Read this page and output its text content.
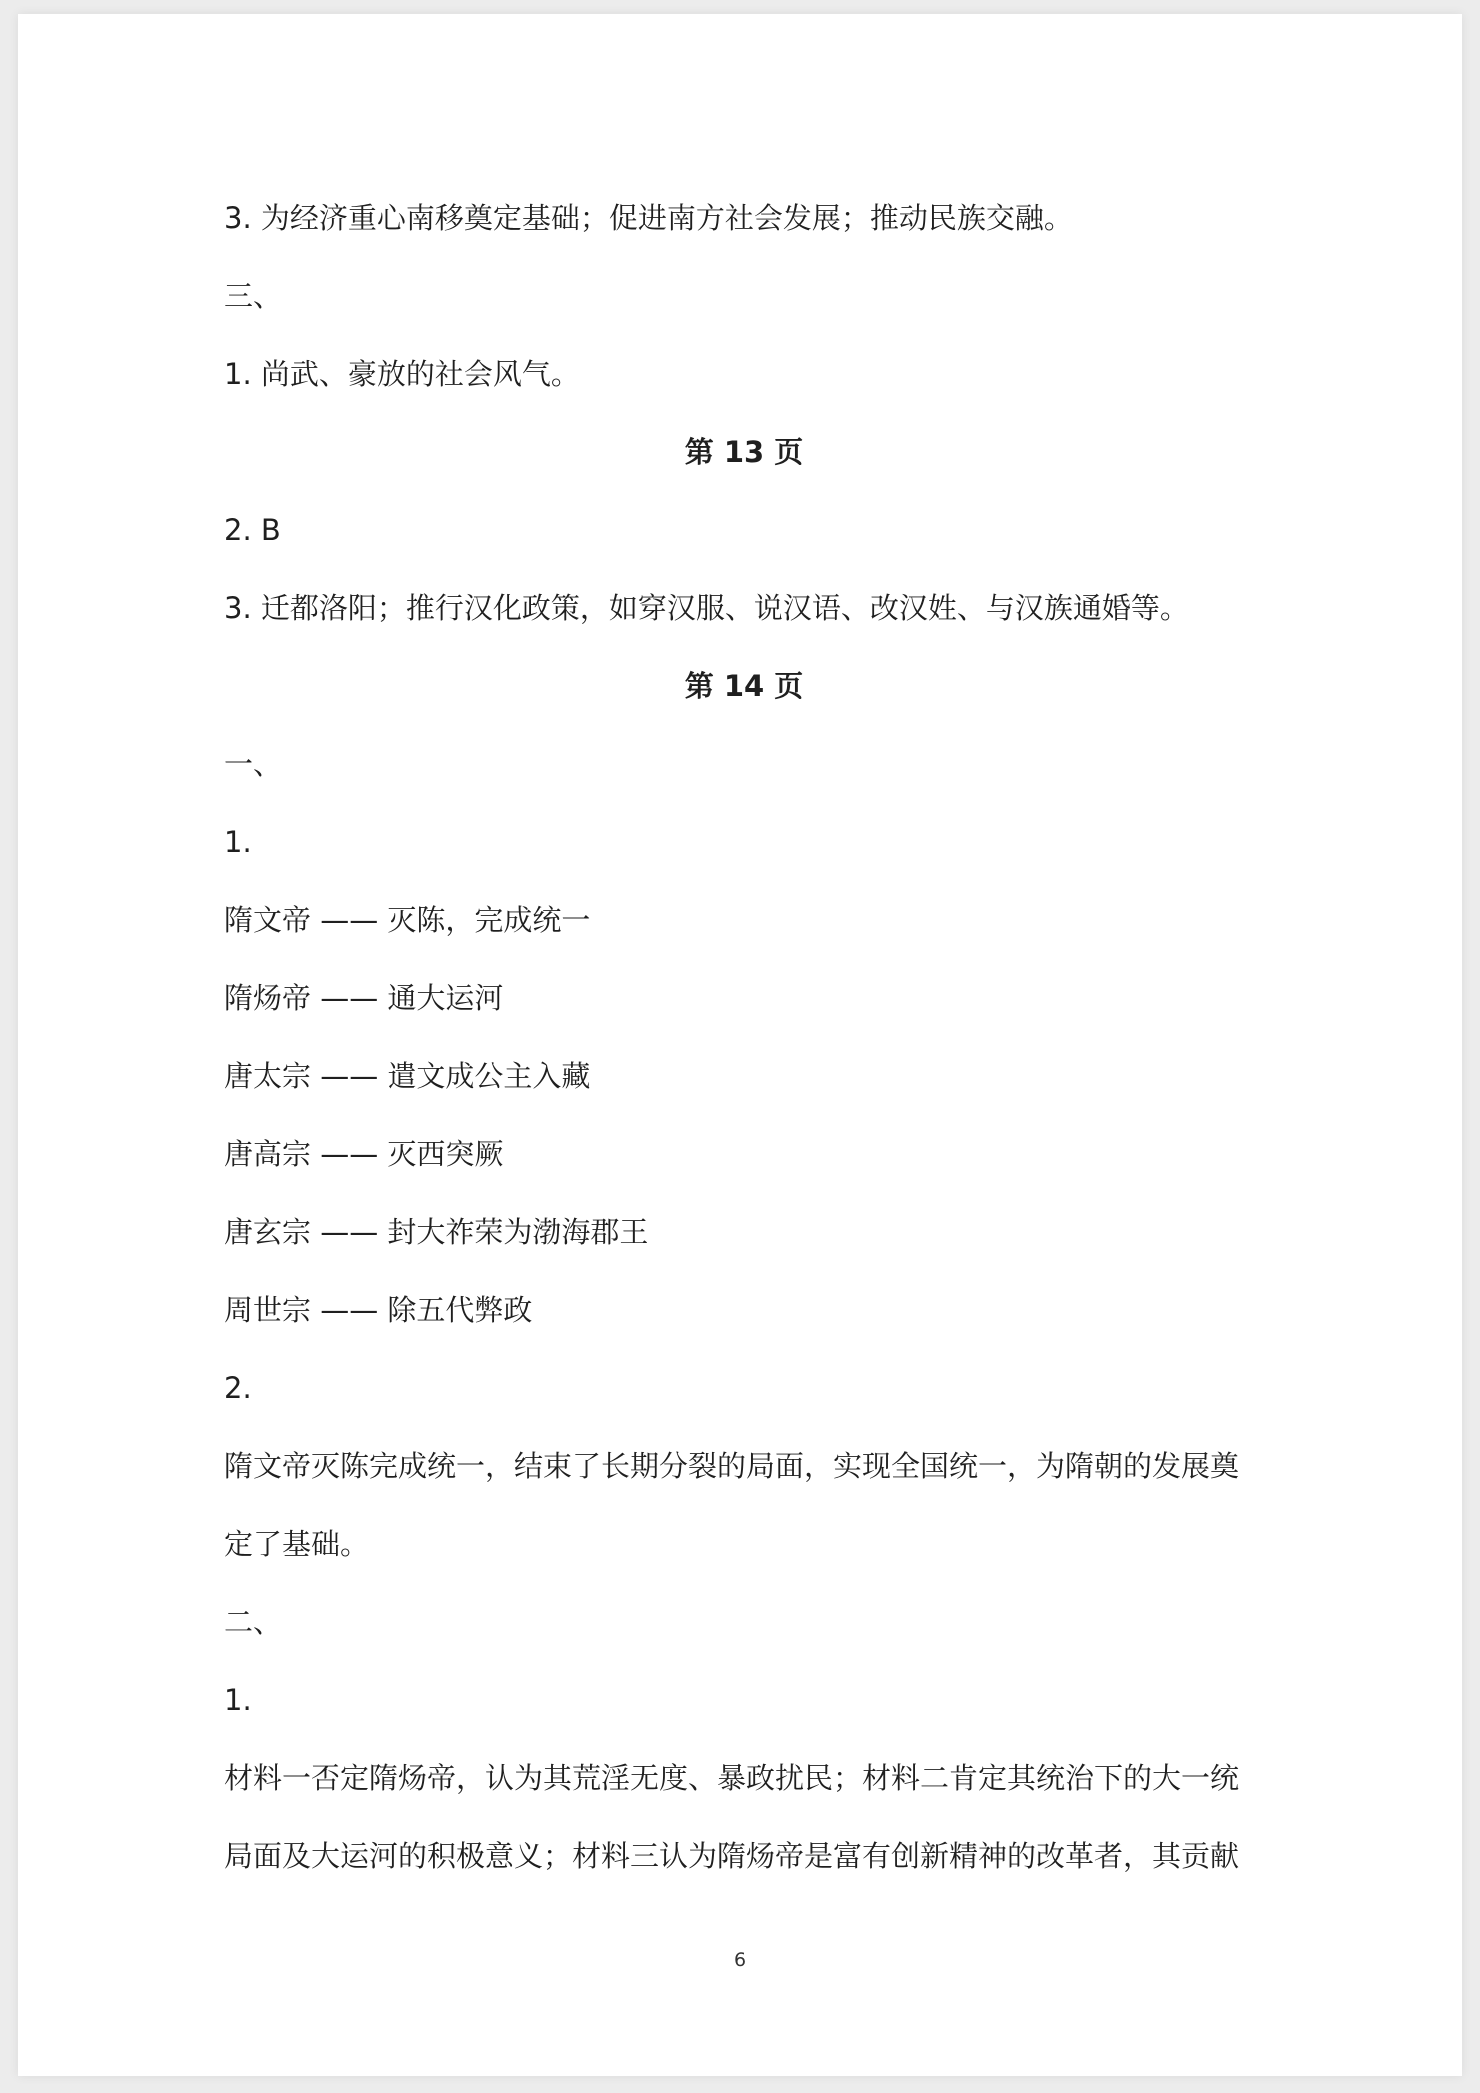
3. 为经济重心南移奠定基础；促进南方社会发展；推动民族交融。
三、
1. 尚武、豪放的社会风气。
第 13 页
2. B
3. 迁都洛阳；推行汉化政策，如穿汉服、说汉语、改汉姓、与汉族通婚等。
第 14 页
一、
1.
隋文帝 —— 灭陈，完成统一
隋炀帝 —— 通大运河
唐太宗 —— 遣文成公主入藏
唐高宗 —— 灭西突厥
唐玄宗 —— 封大祚荣为渤海郡王
周世宗 —— 除五代弊政
2.
隋文帝灭陈完成统一，结束了长期分裂的局面，实现全国统一，为隋朝的发展奠
定了基础。
二、
1.
材料一否定隋炀帝，认为其荒淫无度、暴政扰民；材料二肯定其统治下的大一统
局面及大运河的积极意义；材料三认为隋炀帝是富有创新精神的改革者，其贡献
6
